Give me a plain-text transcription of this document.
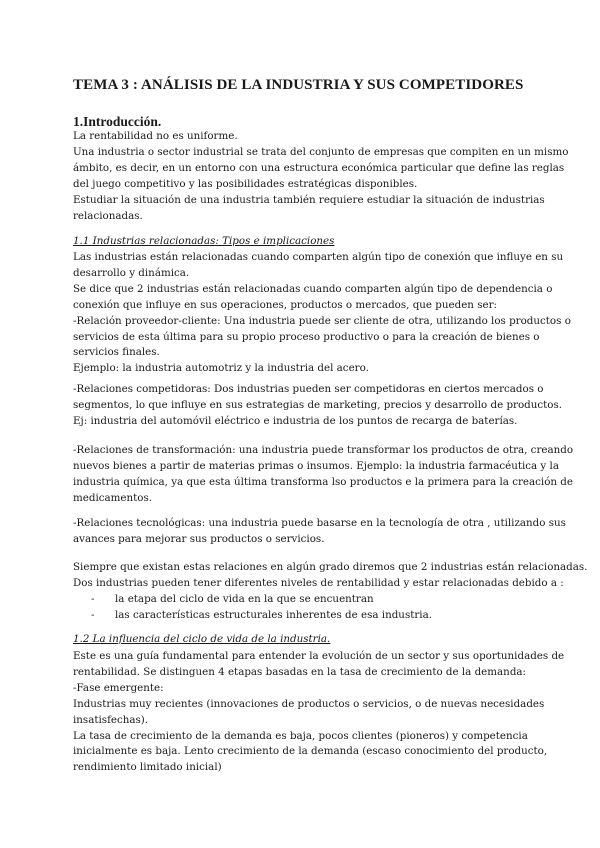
TEMA 3 : ANÁLISIS DE LA INDUSTRIA Y SUS COMPETIDORES
1.Introducción.
La rentabilidad no es uniforme.
Una industria o sector industrial se trata del conjunto de empresas que compiten en un mismo
ámbito, es decir, en un entorno con una estructura económica particular que define las reglas
del juego competitivo y las posibilidades estratégicas disponibles.
Estudiar la situación de una industria también requiere estudiar la situación de industrias
relacionadas.
1.1 Industrias relacionadas: Tipos e implicaciones
Las industrias están relacionadas cuando comparten algún tipo de conexión que influye en su
desarrollo y dinámica.
Se dice que 2 industrias están relacionadas cuando comparten algún tipo de dependencia o
conexión que influye en sus operaciones, productos o mercados, que pueden ser:
-Relación proveedor-cliente: Una industria puede ser cliente de otra, utilizando los productos o
servicios de esta última para su propio proceso productivo o para la creación de bienes o
servicios finales.
Ejemplo: la industria automotriz y la industria del acero.
-Relaciones competidoras: Dos industrias pueden ser competidoras en ciertos mercados o
segmentos, lo que influye en sus estrategias de marketing, precios y desarrollo de productos.
Ej: industria del automóvil eléctrico e industria de los puntos de recarga de baterías.
-Relaciones de transformación: una industria puede transformar los productos de otra, creando
nuevos bienes a partir de materias primas o insumos. Ejemplo: la industria farmacéutica y la
industria química, ya que esta última transforma lso productos e la primera para la creación de
medicamentos.
-Relaciones tecnológicas: una industria puede basarse en la tecnología de otra , utilizando sus
avances para mejorar sus productos o servicios.
Siempre que existan estas relaciones en algún grado diremos que 2 industrias están relacionadas.
Dos industrias pueden tener diferentes niveles de rentabilidad y estar relacionadas debido a :
- la etapa del ciclo de vida en la que se encuentran
- las características estructurales inherentes de esa industria.
1.2 La influencia del ciclo de vida de la industria.
Este es una guía fundamental para entender la evolución de un sector y sus oportunidades de
rentabilidad. Se distinguen 4 etapas basadas en la tasa de crecimiento de la demanda:
-Fase emergente:
Industrias muy recientes (innovaciones de productos o servicios, o de nuevas necesidades
insatisfechas).
La tasa de crecimiento de la demanda es baja, pocos clientes (pioneros) y competencia
inicialmente es baja. Lento crecimiento de la demanda (escaso conocimiento del producto,
rendimiento limitado inicial)
